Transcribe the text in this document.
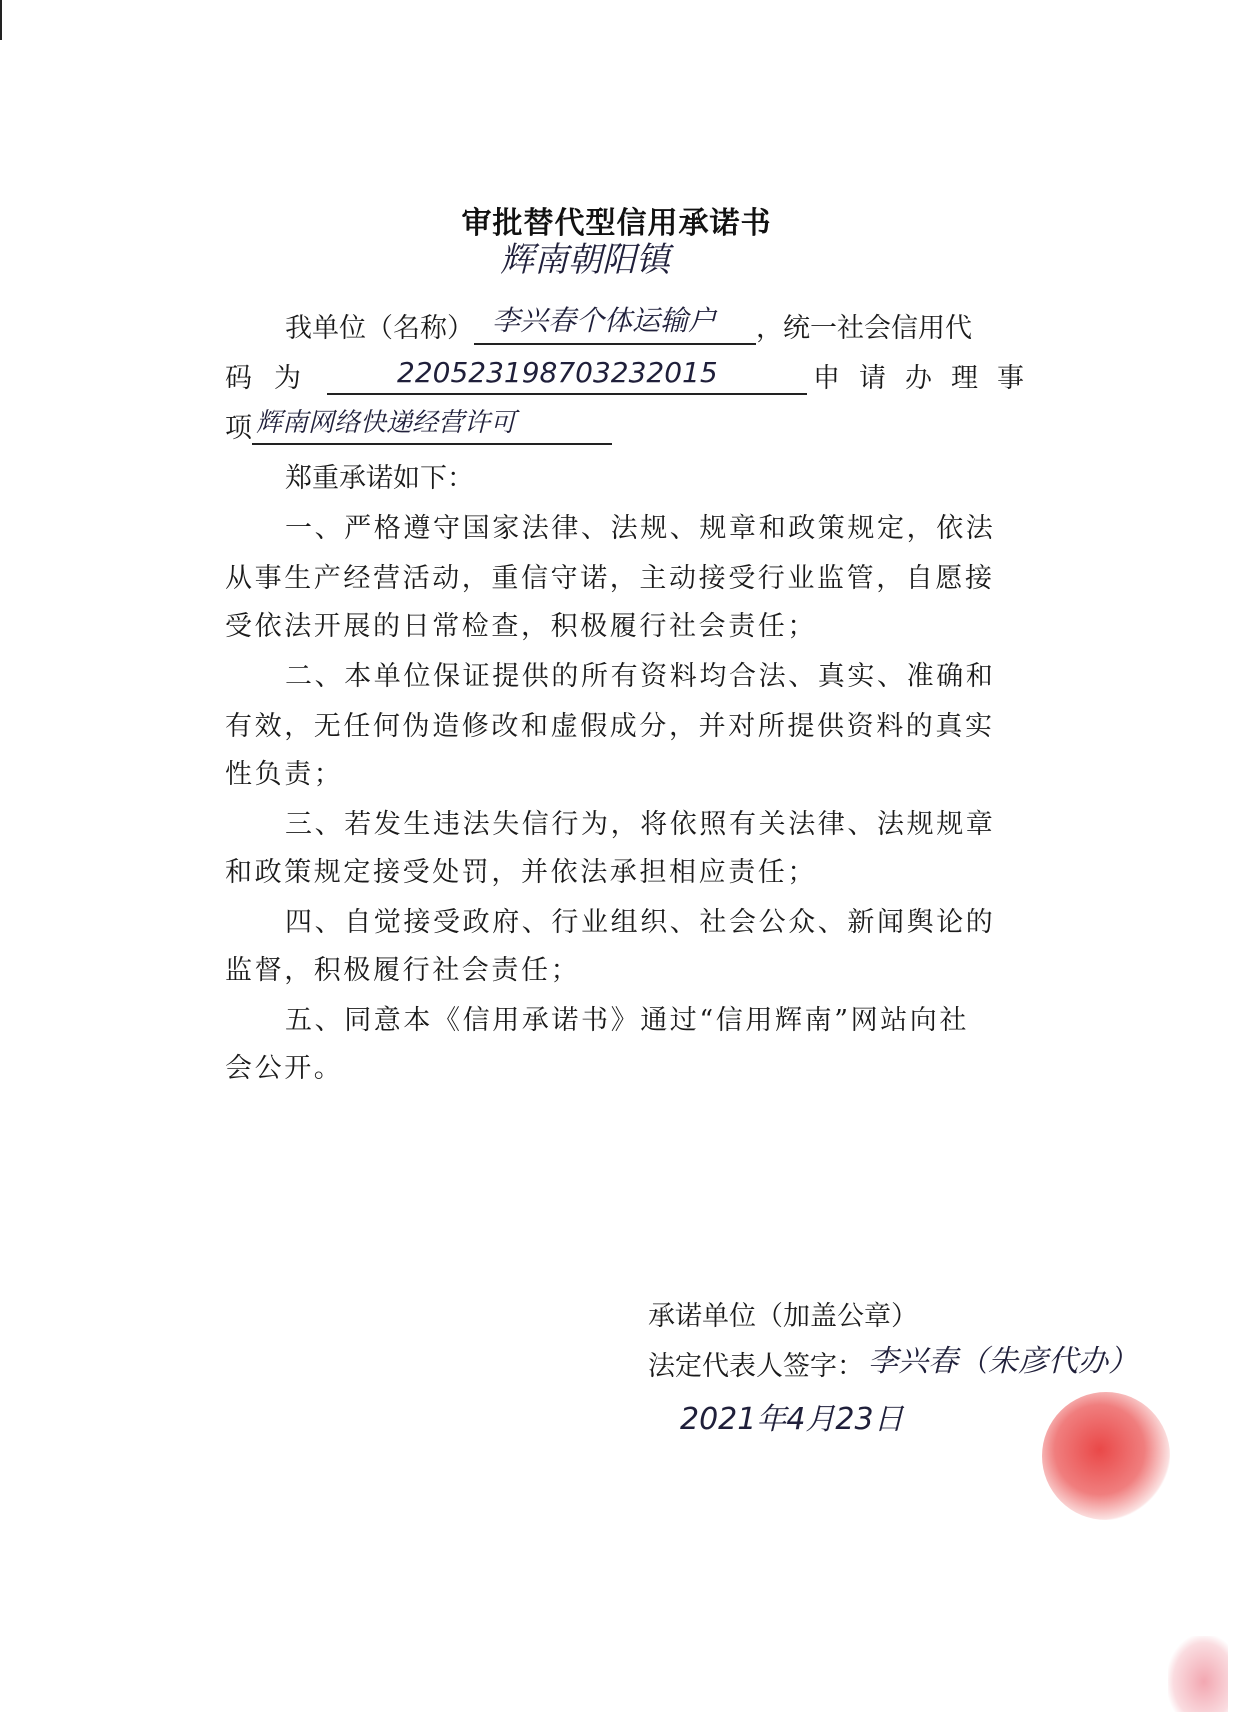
审批替代型信用承诺书
辉南朝阳镇
我单位（名称） 李兴春个体运输户 ，统一社会信用代
码为	220523198703232015	申请办理事
项 辉南网络快递经营许可
郑重承诺如下：
一、严格遵守国家法律、法规、规章和政策规定，依法
从事生产经营活动，重信守诺，主动接受行业监管，自愿接
受依法开展的日常检查，积极履行社会责任；
二、本单位保证提供的所有资料均合法、真实、准确和
有效，无任何伪造修改和虚假成分，并对所提供资料的真实
性负责；
三、若发生违法失信行为，将依照有关法律、法规规章
和政策规定接受处罚，并依法承担相应责任；
四、自觉接受政府、行业组织、社会公众、新闻舆论的
监督，积极履行社会责任；
五、同意本《信用承诺书》通过“信用辉南”网站向社
会公开。
承诺单位（加盖公章）
法定代表人签字： 李兴春（朱彦代办）
2021年4月23日
